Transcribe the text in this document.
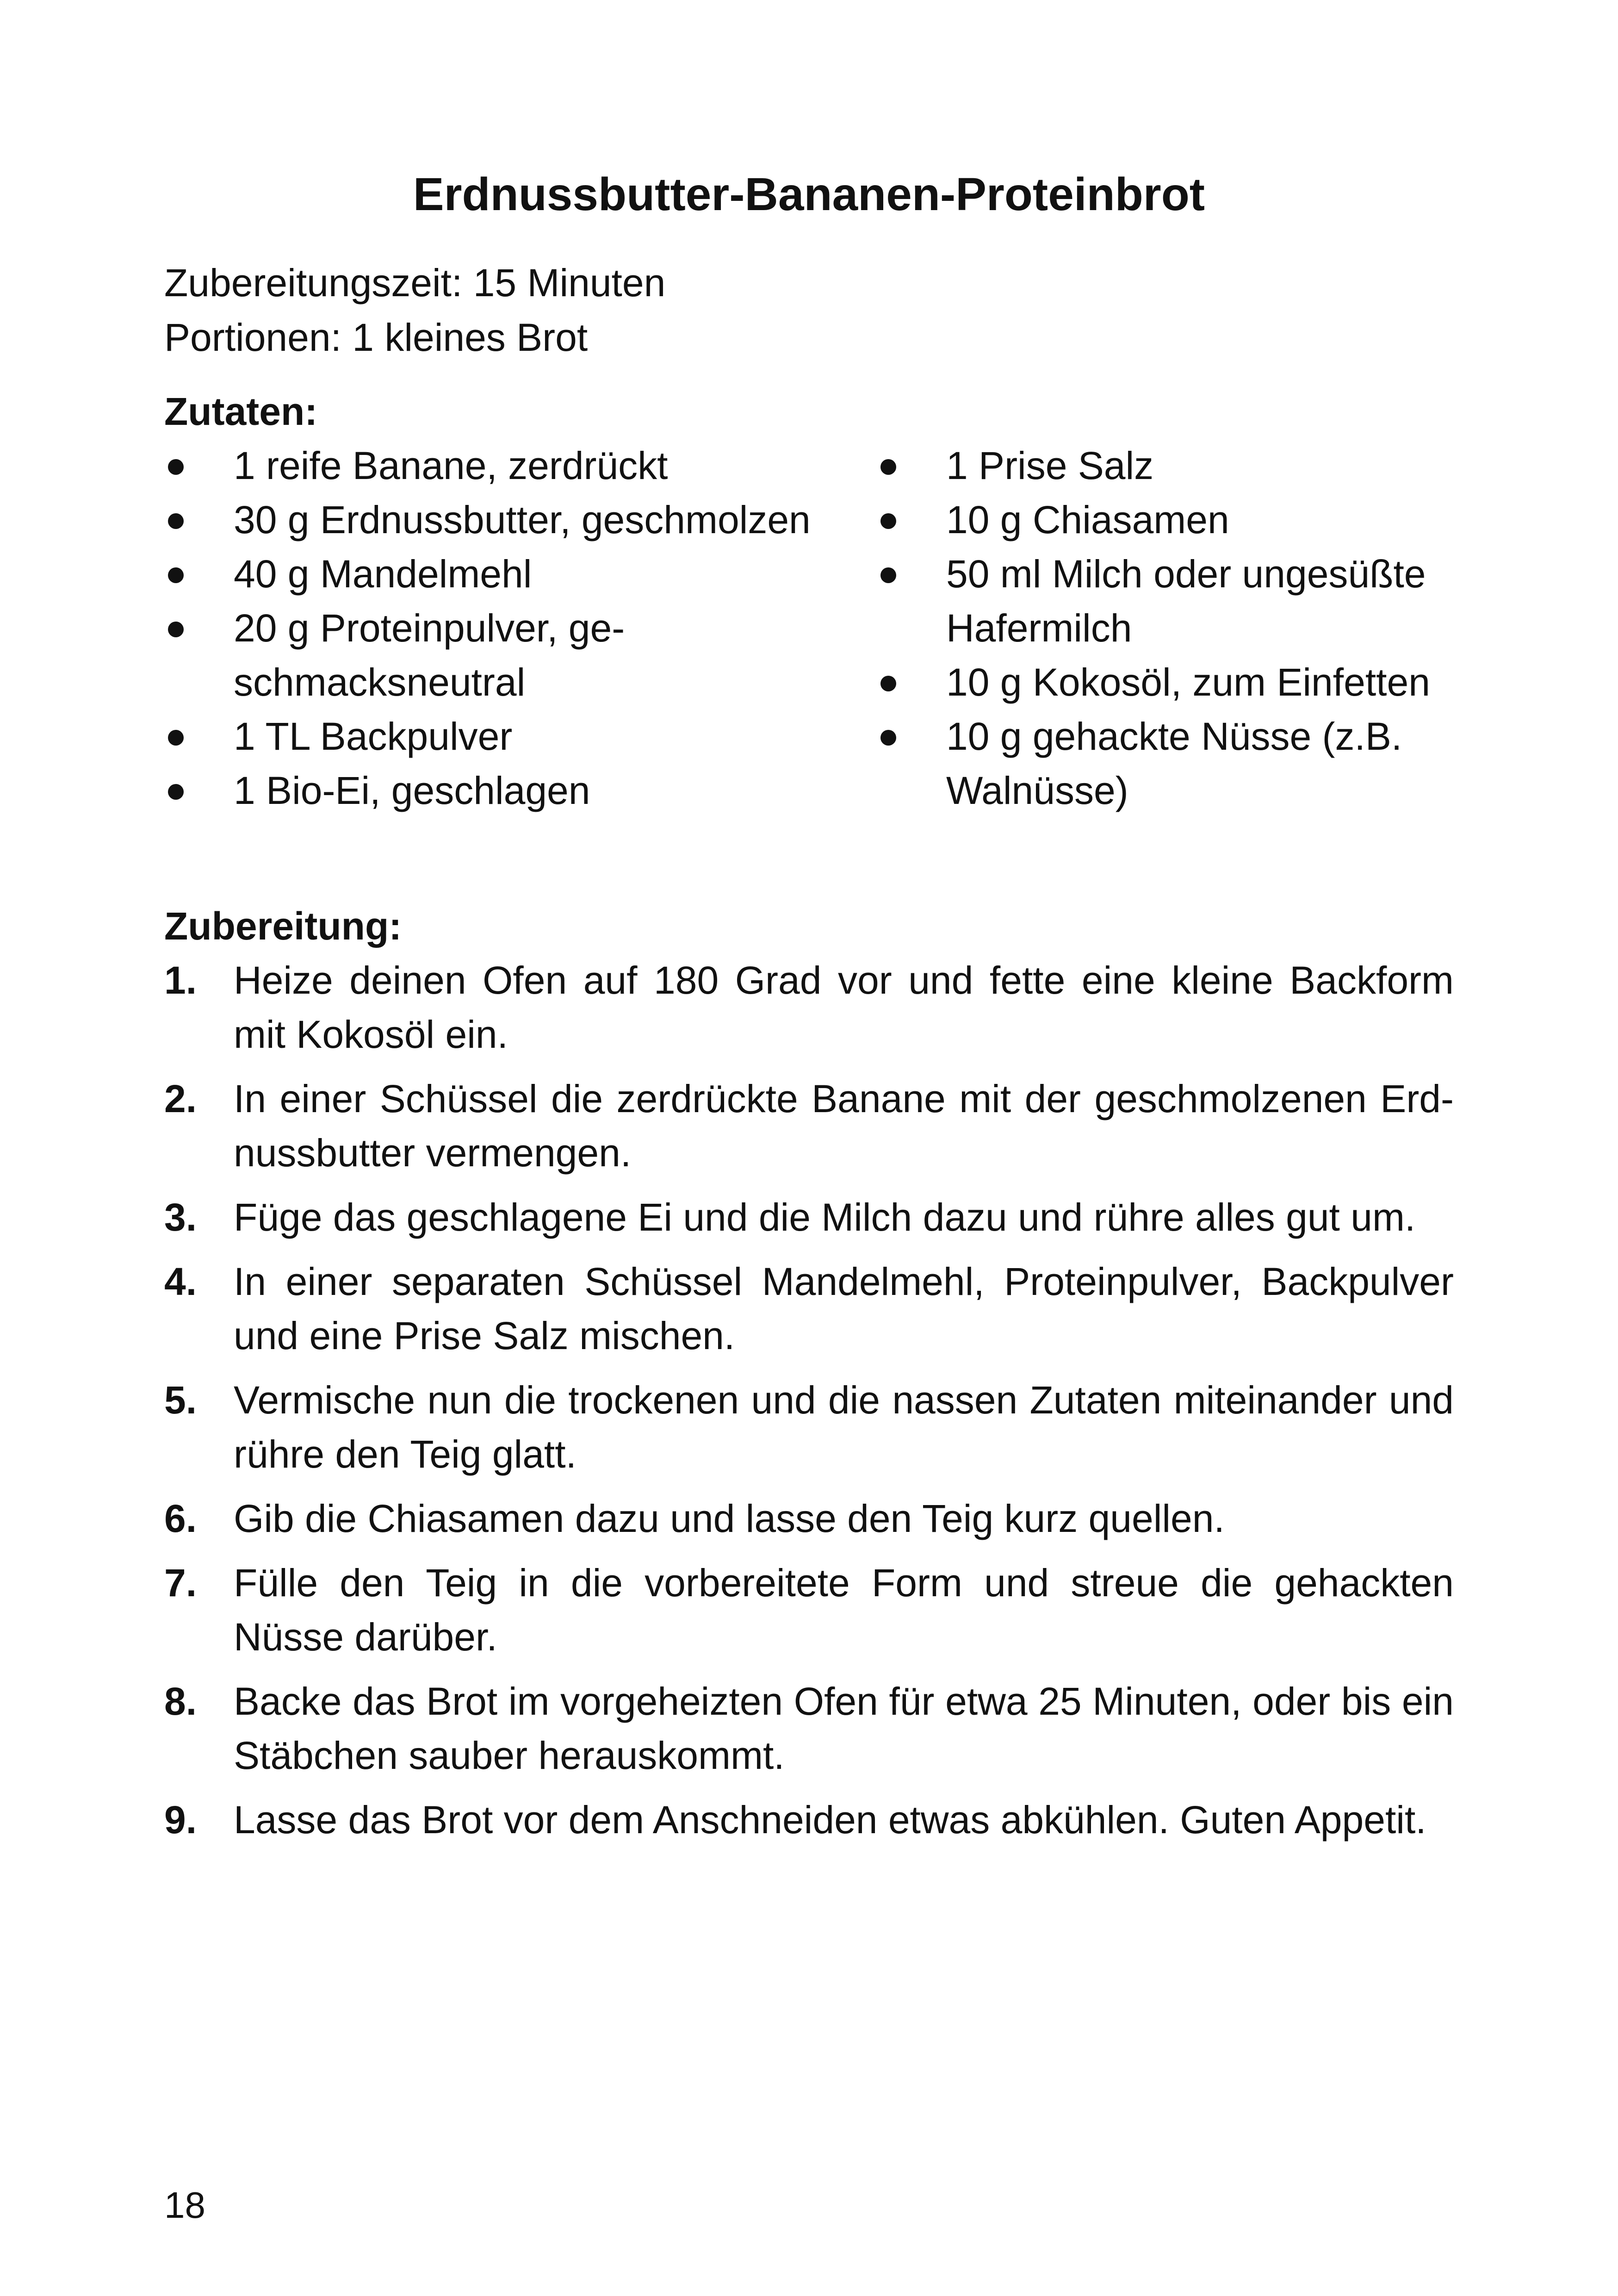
Erdnussbutter-Bananen-Proteinbrot
Zubereitungszeit: 15 Minuten
Portionen: 1 kleines Brot
Zutaten:
1 reife Banane, zerdrückt
30 g Erdnussbutter, geschmolzen
40 g Mandelmehl
20 g Proteinpulver, geschmacksneutral
1 TL Backpulver
1 Bio-Ei, geschlagen
1 Prise Salz
10 g Chiasamen
50 ml Milch oder ungesüßte Hafermilch
10 g Kokosöl, zum Einfetten
10 g gehackte Nüsse (z.B. Walnüsse)
Zubereitung:
1. Heize deinen Ofen auf 180 Grad vor und fette eine kleine Backform mit Kokosöl ein.
2. In einer Schüssel die zerdrückte Banane mit der geschmolzenen Erdnussbutter vermengen.
3. Füge das geschlagene Ei und die Milch dazu und rühre alles gut um.
4. In einer separaten Schüssel Mandelmehl, Proteinpulver, Backpulver und eine Prise Salz mischen.
5. Vermische nun die trockenen und die nassen Zutaten miteinander und rühre den Teig glatt.
6. Gib die Chiasamen dazu und lasse den Teig kurz quellen.
7. Fülle den Teig in die vorbereitete Form und streue die gehackten Nüsse darüber.
8. Backe das Brot im vorgeheizten Ofen für etwa 25 Minuten, oder bis ein Stäbchen sauber herauskommt.
9. Lasse das Brot vor dem Anschneiden etwas abkühlen. Guten Appetit.
18
